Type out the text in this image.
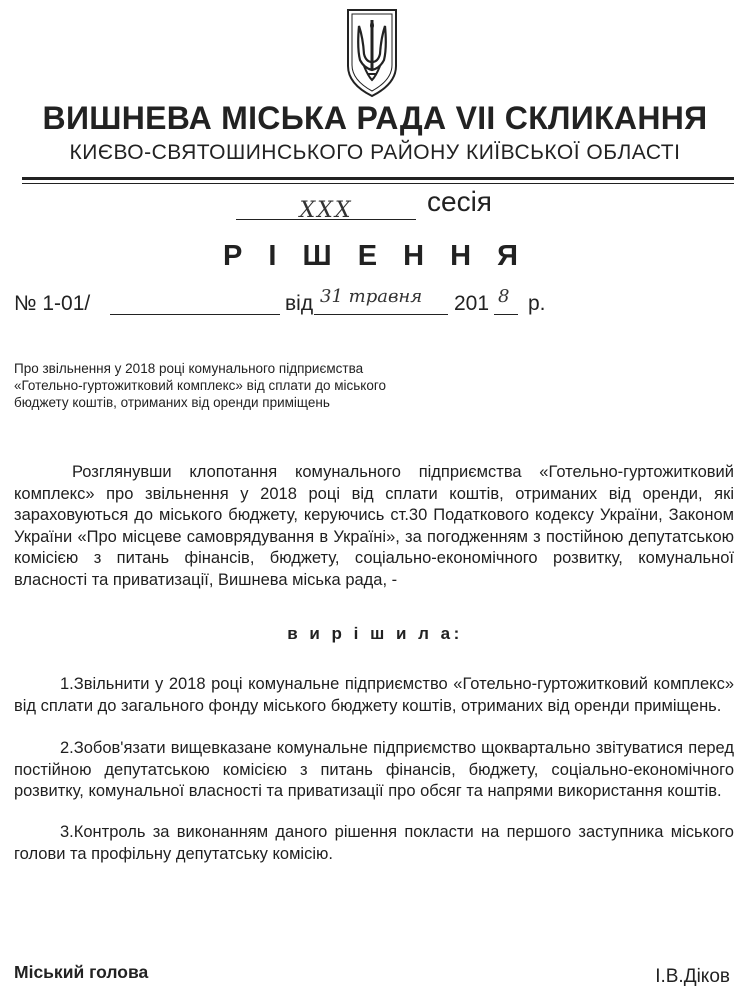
ВИШНЕВА МІСЬКА РАДА VII СКЛИКАННЯ
КИЄВО-СВЯТОШИНСЬКОГО РАЙОНУ КИЇВСЬКОЇ ОБЛАСТІ
XXX	сесія
Р І Ш Е Н Н Я
№ 1-01/	від 31 травня 201 8 р.
Про звільнення у 2018 році комунального підприємства
«Готельно-гуртожитковий комплекс» від сплати до міського
бюджету коштів, отриманих від оренди приміщень
Розглянувши клопотання комунального підприємства «Готельно-гуртожитковий комплекс» про звільнення у 2018 році від сплати коштів, отриманих від оренди, які зараховуються до міського бюджету, керуючись ст.30 Податкового кодексу України, Законом України «Про місцеве самоврядування в Україні», за погодженням з постійною депутатською комісією з питань фінансів, бюджету, соціально-економічного розвитку, комунальної власності та приватизації, Вишнева міська рада, -
в и р і ш и л а:
1.Звільнити у 2018 році комунальне підприємство «Готельно-гуртожитковий комплекс» від сплати до загального фонду міського бюджету коштів, отриманих від оренди приміщень.
2.Зобов'язати вищевказане комунальне підприємство щоквартально звітуватися перед постійною депутатською комісією з питань фінансів, бюджету, соціально-економічного розвитку, комунальної власності та приватизації про обсяг та напрями використання коштів.
3.Контроль за виконанням даного рішення покласти на першого заступника міського голови та профільну депутатську комісію.
Міський голова	І.В.Діков
